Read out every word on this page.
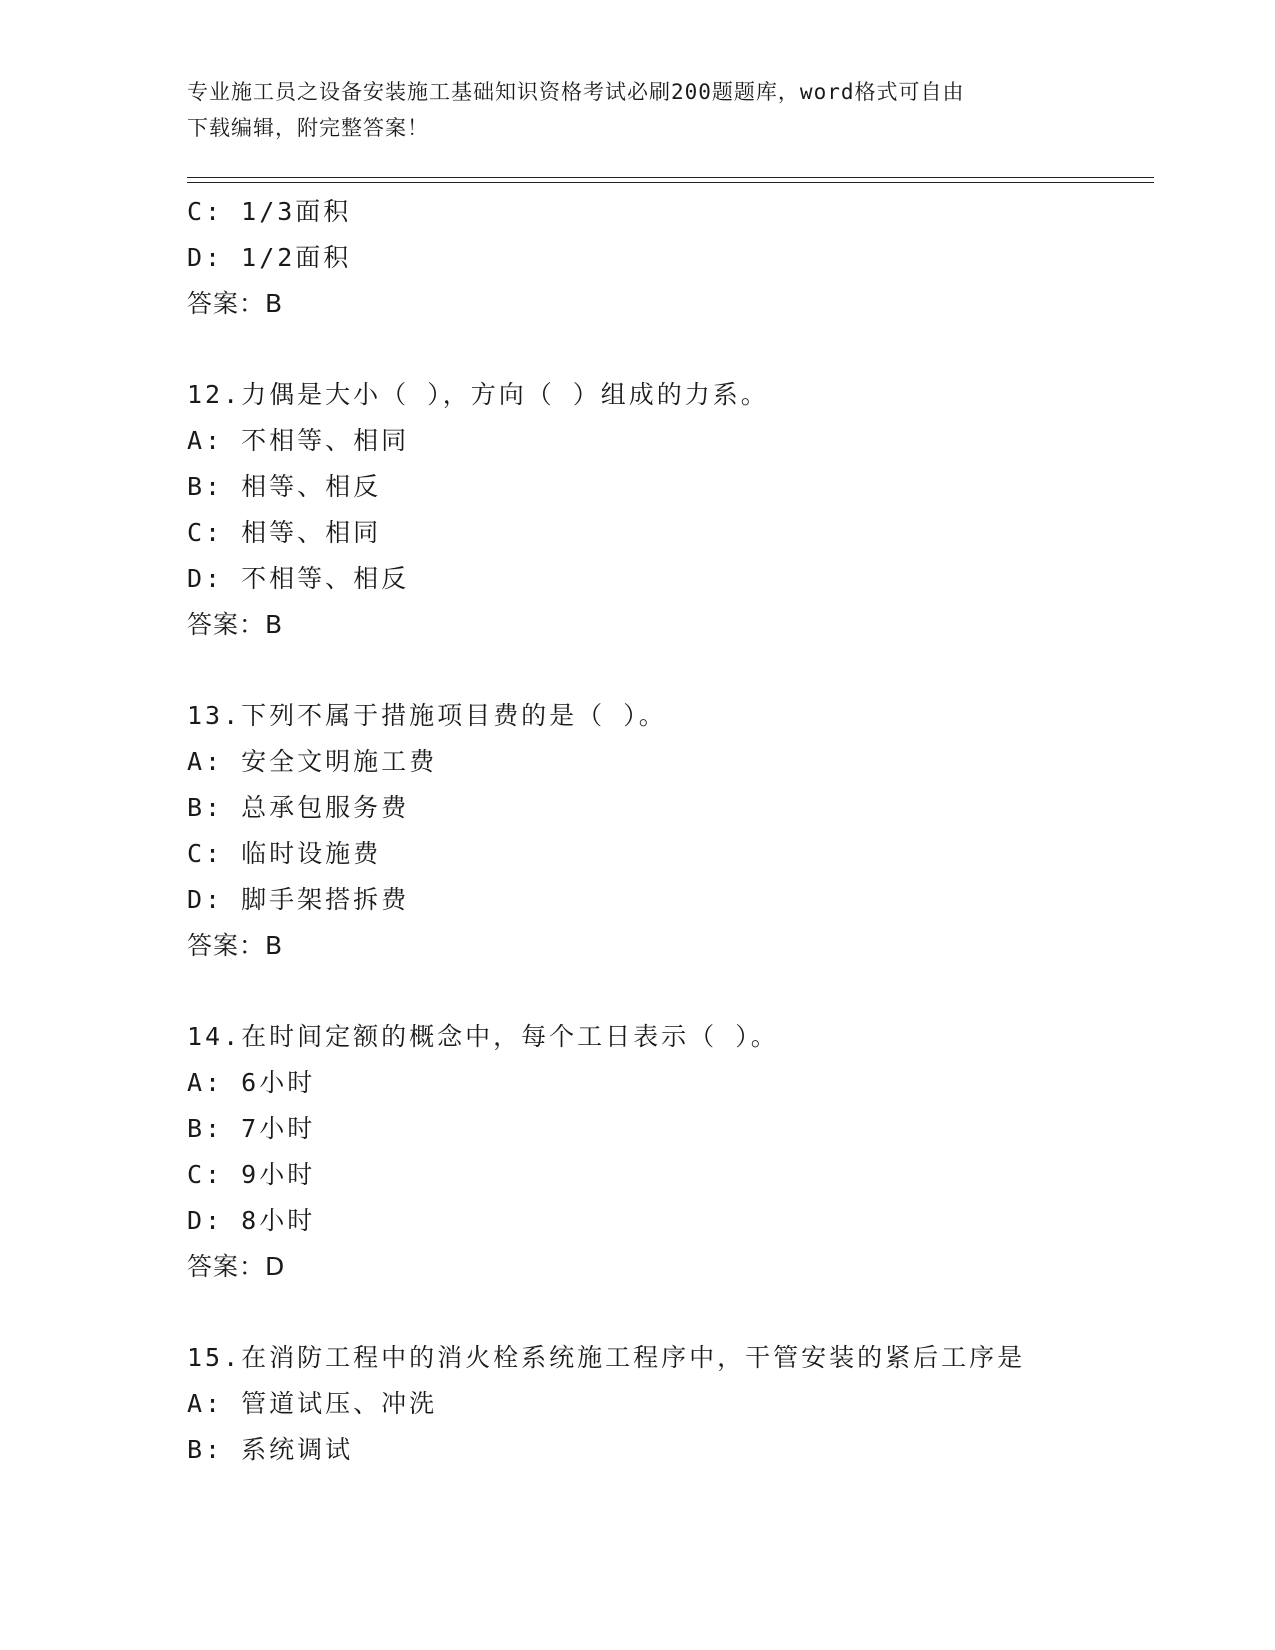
专业施工员之设备安装施工基础知识资格考试必刷200题题库，word格式可自由
下载编辑，附完整答案！
C: 1/3面积
D: 1/2面积
答案：B
12.力偶是大小（ ），方向（ ）组成的力系。
A: 不相等、相同
B: 相等、相反
C: 相等、相同
D: 不相等、相反
答案：B
13.下列不属于措施项目费的是（ ）。
A: 安全文明施工费
B: 总承包服务费
C: 临时设施费
D: 脚手架搭拆费
答案：B
14.在时间定额的概念中，每个工日表示（ ）。
A: 6小时
B: 7小时
C: 9小时
D: 8小时
答案：D
15.在消防工程中的消火栓系统施工程序中，干管安装的紧后工序是
A: 管道试压、冲洗
B: 系统调试
